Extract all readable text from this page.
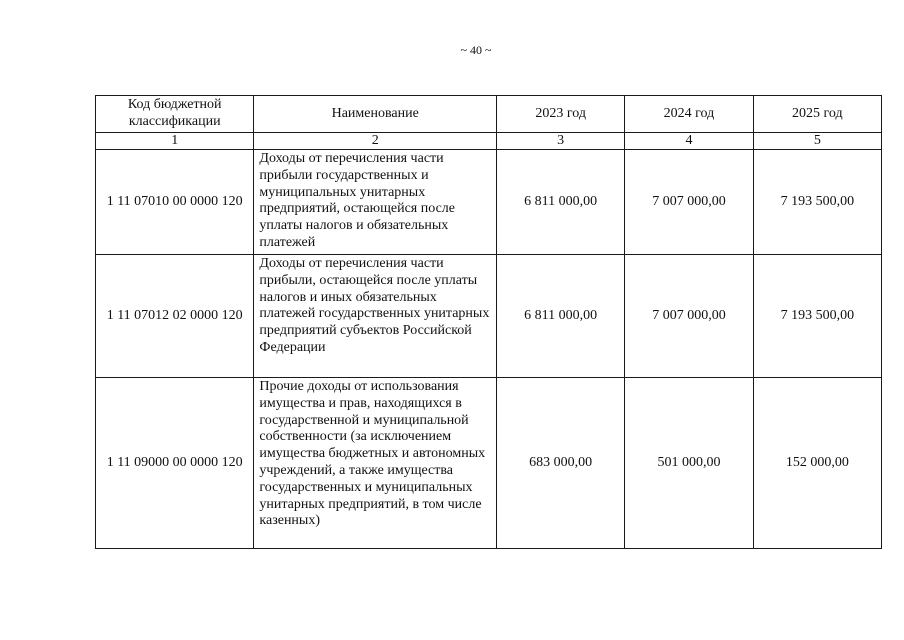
~ 40 ~
Код бюджетной классификации	Наименование	2023 год	2024 год	2025 год
1	2	3	4	5
1 11 07010 00 0000 120	Доходы от перечисления части прибыли государственных и муниципальных унитарных предприятий, остающейся после уплаты налогов и обязательных платежей	6 811 000,00	7 007 000,00	7 193 500,00
1 11 07012 02 0000 120	Доходы от перечисления части прибыли, остающейся после уплаты налогов и иных обязательных платежей государственных унитарных предприятий субъектов Российской Федерации	6 811 000,00	7 007 000,00	7 193 500,00
1 11 09000 00 0000 120	Прочие доходы от использования имущества и прав, находящихся в государственной и муниципальной собственности (за исключением имущества бюджетных и автономных учреждений, а также имущества государственных и муниципальных унитарных предприятий, в том числе казенных)	683 000,00	501 000,00	152 000,00
